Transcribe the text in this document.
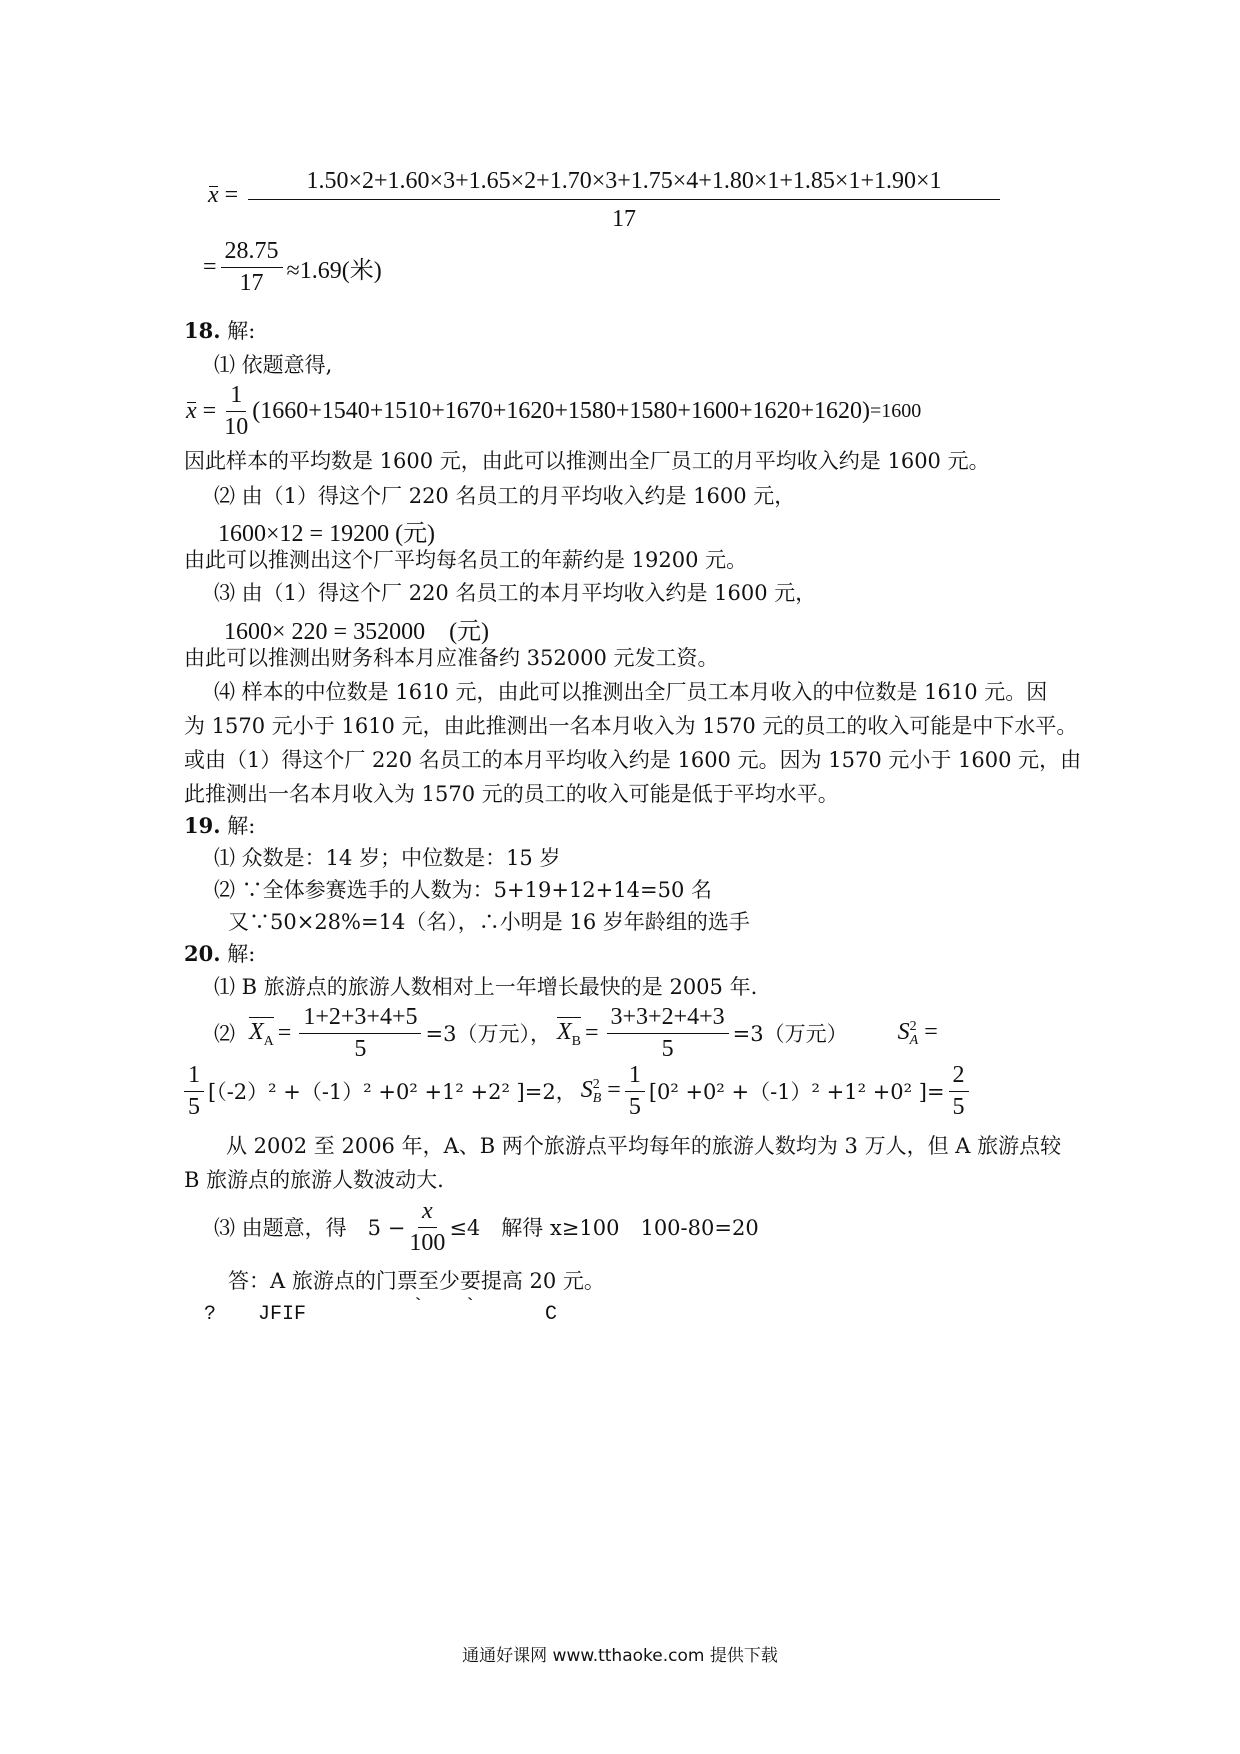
$x = \frac{1.50\times 2+1.60\times 3+1.65\times 2+1.70\times 3+1.75\times 4+1.80\times 1+1.85\times 1+1.90\times 1}{17}$
= $\frac{28.75}{17} \approx 1.69$(米)
18. 解:
⑴ 依题意得,
$x = \frac{1}{10} (1660+1540+1510+1670+1620+1580+1580+1600+1620+1620) =1600$
因此样本的平均数是 1600 元，由此可以推测出全厂员工的月平均收入约是 1600 元。
⑵ 由（1）得这个厂 220 名员工的月平均收入约是 1600 元，
1600×12 = 19200 (元)
由此可以推测出这个厂平均每名员工的年薪约是 19200 元。
⑶ 由（1）得这个厂 220 名员工的本月平均收入约是 1600 元，
1600× 220 = 352000　(元)
由此可以推测出财务科本月应准备约 352000 元发工资。
⑷ 样本的中位数是 1610 元，由此可以推测出全厂员工本月收入的中位数是 1610 元。因
为 1570 元小于 1610 元，由此推测出一名本月收入为 1570 元的员工的收入可能是中下水平。
或由（1）得这个厂 220 名员工的本月平均收入约是 1600 元。因为 1570 元小于 1600 元，由
此推测出一名本月收入为 1570 元的员工的收入可能是低于平均水平。
19. 解:
⑴ 众数是：14 岁；中位数是：15 岁
⑵ ∵全体参赛选手的人数为：5+19+12+14=50 名
又∵50×28%=14（名），∴小明是 16 岁年龄组的选手
20. 解:
⑴ B 旅游点的旅游人数相对上一年增长最快的是 2005 年.
⑵ $X_A = \frac{1+2+3+4+5}{5} =3$（万元）， $X_B = \frac{3+3+2+4+3}{5} =3$（万元） S 2
A =
$\frac{1}{5} [(-2)^2 +(-1)^2 +0^2 +1^2 +2^2$ ]=2， S 2
$B = \frac{1}{5} [0^2 +0^2 +(-1)^2 +1^2 +0^2$ ]= $\frac{2}{5}$
从 2002 至 2006 年，A、B 两个旅游点平均每年的旅游人数均为 3 万人，但 A 旅游点较
B 旅游点的旅游人数波动大.
⑶ 由题意，得　$5 - \frac{x}{100} \le 4$　解得 x≥100　100-80=20
答：A 旅游点的门票至少要提高 20 元。
? JFIF	` `	C
通通好课网 www.tthaoke.com 提供下载
